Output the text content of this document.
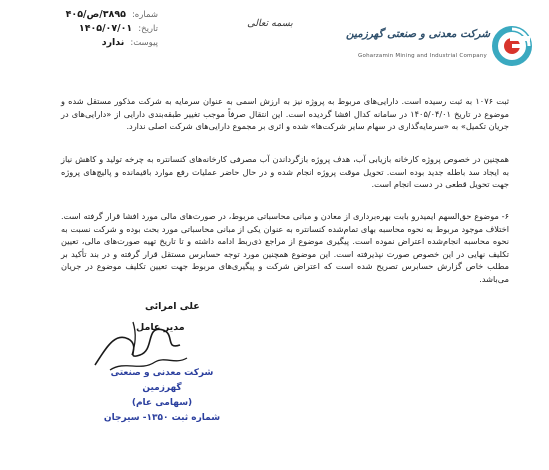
شماره:
۳۸۹۵/ص/۴۰۵
تاریخ:
۱۴۰۵/۰۷/۰۱
پیوست:
ندارد
بسمه تعالی
شرکت معدنی و صنعتی گهرزمین
Goharzamin Mining and Industrial Company
ثبت ۱۰۷۶ به ثبت رسیده است. دارایی‌های مربوط به پروژه نیز به ارزش اسمی به عنوان سرمایه به شرکت مذکور مستقل شده و موضوع در تاریخ ۱۴۰۵/۰۴/۰۱ در سامانه کدال افشا گردیده است. این انتقال صرفاً موجب تغییر طبقه‌بندی دارایی از «دارایی‌های در جریان تکمیل» به «سرمایه‌گذاری در سهام سایر شرکت‌ها» شده و اثری بر مجموع دارایی‌های شرکت اصلی ندارد.
همچنین در خصوص پروژه کارخانه بازیابی آب، هدف پروژه بازگرداندن آب مصرفی کارخانه‌های کنسانتره به چرخه تولید و کاهش نیاز به ایجاد سد باطله جدید بوده است. تحویل موقت پروژه انجام شده و در حال حاضر عملیات رفع موارد باقیمانده و پالیچ‌های پروژه جهت تحویل قطعی در دست انجام است.
۶- موضوع حق‌السهم ایمیدرو بابت بهره‌برداری از معادن و مبانی محاسباتی مربوط، در صورت‌های مالی مورد افشا قرار گرفته است. اختلاف موجود مربوط به نحوه محاسبه بهای تمام‌شده کنسانتره به عنوان یکی از مبانی محاسباتی مورد بحث بوده و شرکت نسبت به نحوه محاسبه انجام‌شده اعتراض نموده است. پیگیری موضوع از مراجع ذی‌ربط ادامه داشته و تا تاریخ تهیه صورت‌های مالی، تعیین تکلیف نهایی در این خصوص صورت نپذیرفته است. این موضوع همچنین مورد توجه حسابرس مستقل قرار گرفته و در بند تأکید بر مطلب خاص گزارش حسابرس تصریح شده است که اعتراض شرکت و پیگیری‌های مربوط جهت تعیین تکلیف موضوع در جریان می‌باشد.
علی امرائی
مدیر عامل
شرکت معدنی و صنعتی گهرزمین
(سهامی عام)
شماره ثبت ۱۳۵۰- سیرجان
